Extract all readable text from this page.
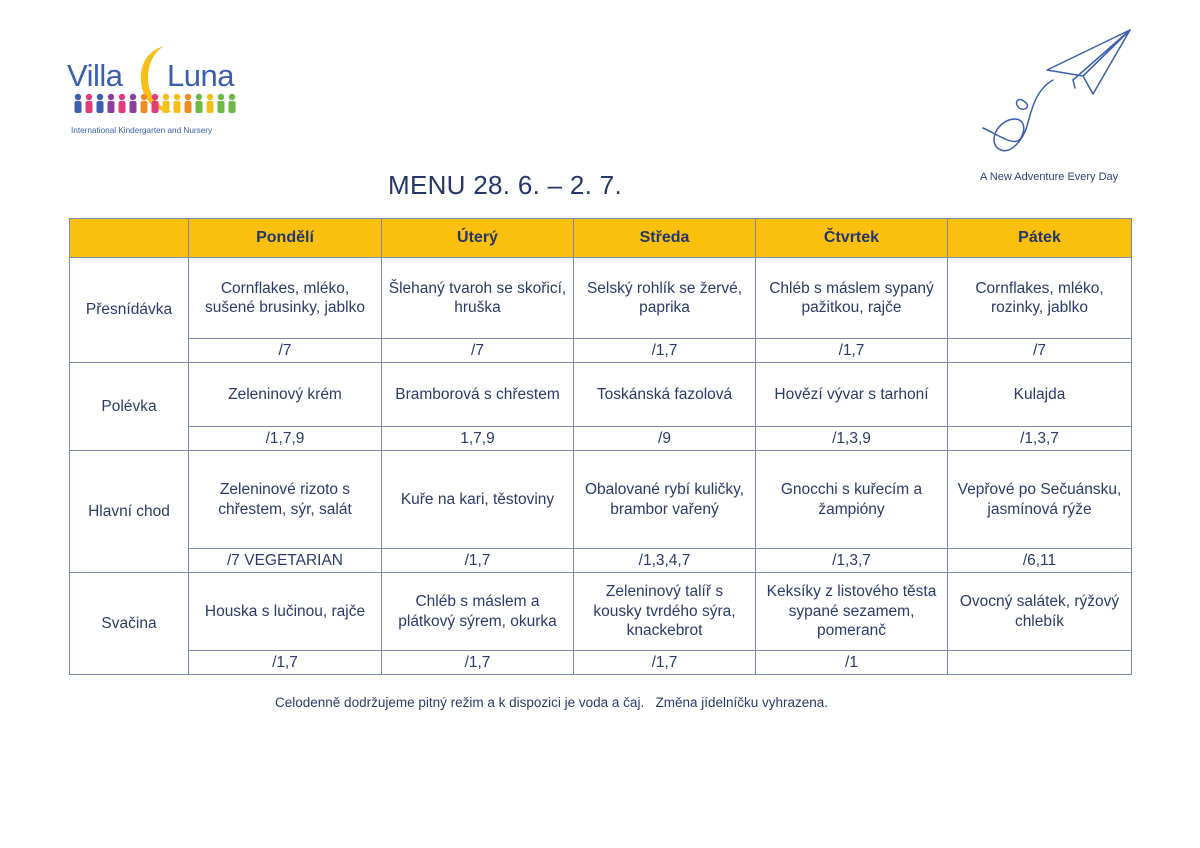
Villa Luna
International Kindergarten and Nursery
A New Adventure Every Day
MENU 28. 6. – 2. 7.
	Pondělí	Úterý	Středa	Čtvrtek	Pátek
Přesnídávka	Cornflakes, mléko, sušené brusinky, jablko	Šlehaný tvaroh se skořicí, hruška	Selský rohlík se žervé, paprika	Chléb s máslem sypaný pažitkou, rajče	Cornflakes, mléko, rozinky, jablko
	/7	/7	/1,7	/1,7	/7
Polévka	Zeleninový krém	Bramborová s chřestem	Toskánská fazolová	Hovězí vývar s tarhoní	Kulajda
	/1,7,9	1,7,9	/9	/1,3,9	/1,3,7
Hlavní chod	Zeleninové rizoto s chřestem, sýr, salát	Kuře na kari, těstoviny	Obalované rybí kuličky, brambor vařený	Gnocchi s kuřecím a žampióny	Vepřové po Sečuánsku, jasmínová rýže
	/7 VEGETARIAN	/1,7	/1,3,4,7	/1,3,7	/6,11
Svačina	Houska s lučinou, rajče	Chléb s máslem a plátkový sýrem, okurka	Zeleninový talíř s kousky tvrdého sýra, knackebrot	Keksíky z listového těsta sypané sezamem, pomeranč	Ovocný salátek, rýžový chlebík
	/1,7	/1,7	/1,7	/1	
Celodenně dodržujeme pitný režim a k dispozici je voda a čaj.   Změna jídelníčku vyhrazena.
